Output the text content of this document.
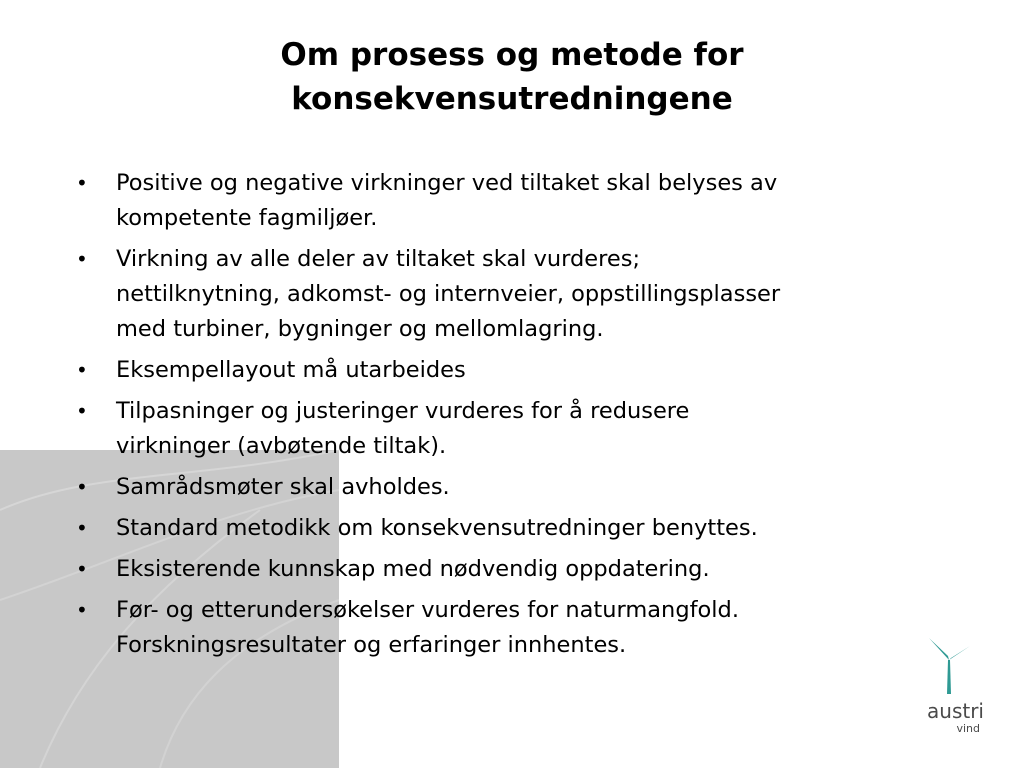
Om prosess og metode for
konsekvensutredningene
• Positive og negative virkninger ved tiltaket skal belyses av
kompetente fagmiljøer.
• Virkning av alle deler av tiltaket skal vurderes;
nettilknytning, adkomst- og internveier, oppstillingsplasser
med turbiner, bygninger og mellomlagring.
• Eksempellayout må utarbeides
• Tilpasninger og justeringer vurderes for å redusere
virkninger (avbøtende tiltak).
• Samrådsmøter skal avholdes.
• Standard metodikk om konsekvensutredninger benyttes.
• Eksisterende kunnskap med nødvendig oppdatering.
• Før- og etterundersøkelser vurderes for naturmangfold.
Forskningsresultater og erfaringer innhentes.
austri
vind
